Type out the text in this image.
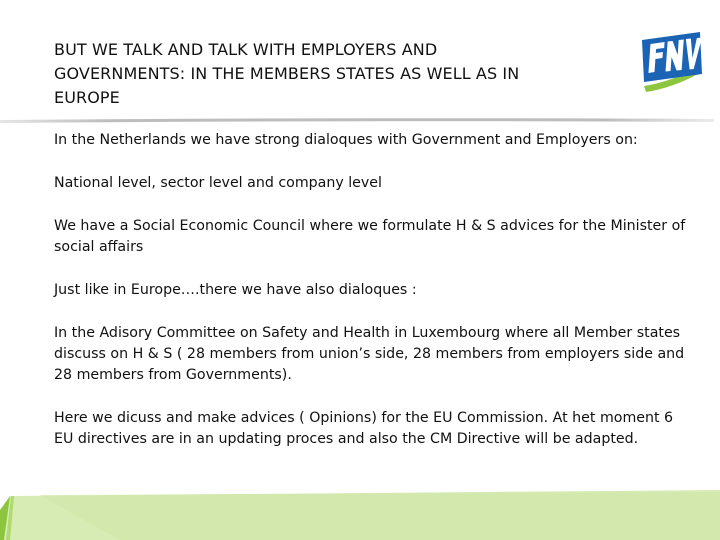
BUT WE TALK AND TALK WITH EMPLOYERS AND
GOVERNMENTS: IN THE MEMBERS STATES AS WELL AS IN
EUROPE

In the Netherlands we have strong dialoques with Government and Employers on:

National level, sector level and company level

We have a Social Economic Council where we formulate H & S advices for the Minister of social affairs

Just like in Europe….there we have also dialoques :

In the Adisory Committee on Safety and Health in Luxembourg where all Member states discuss on H & S ( 28 members from union’s side, 28 members from employers side and 28 members from Governments).

Here we dicuss and make advices ( Opinions) for the EU Commission. At het moment 6 EU directives are in an updating proces and also the CM Directive will be adapted.
